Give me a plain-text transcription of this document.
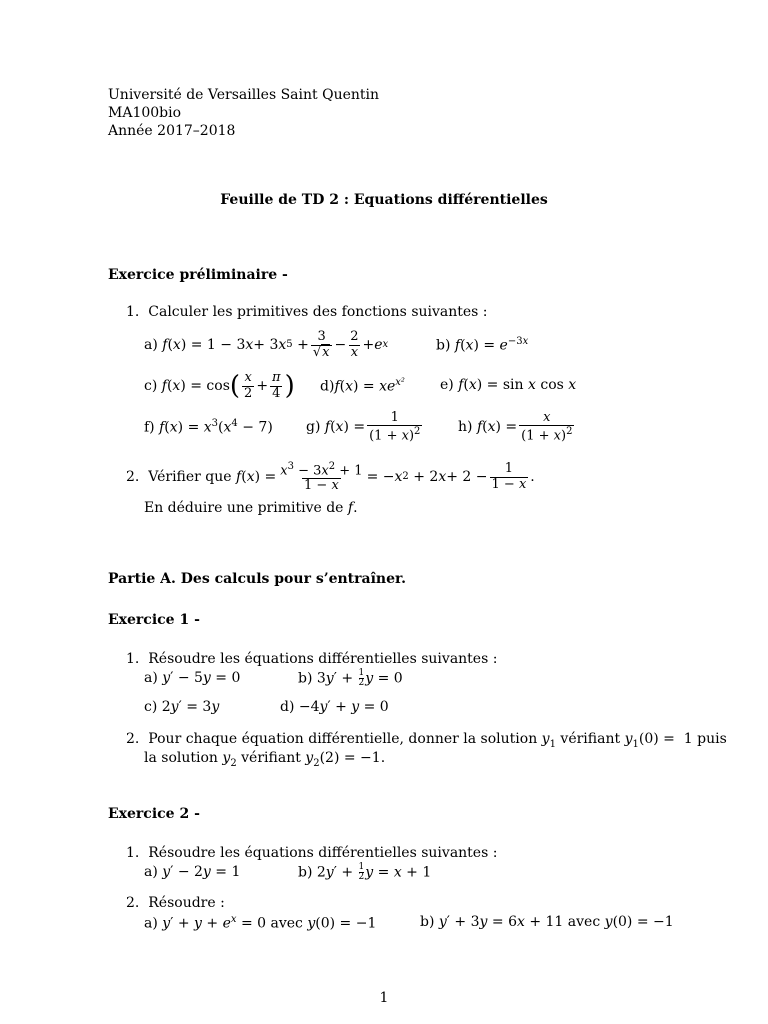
Université de Versailles Saint Quentin
MA100bio
Année 2017–2018
Feuille de TD 2 : Equations différentielles
Exercice préliminaire -
1.  Calculer les primitives des fonctions suivantes :
a) f ( x ) = 1 − 3 x + 3 x $5 + \frac{3}{√x} - \frac{2}{x} + e$ x	b) $f(x) = e^{-3x}$
c) f ( x ) = cos ( $\frac{x}{2} + \frac{\pi}{4}$ ) $d)f(x) = xe^{x^2}$	e) f(x) = sin x cos x
f) $f(x) = x^3(x^4 - 7)$ g) f ( x ) = $\frac{1}{(1 + x)^2}$	h) f ( x ) = $\frac{x}{(1 + x)^2}$
2. Vérifier que
f ( x ) = $\frac{x^3 - 3x^2 + 1}{1 - x}$ = − x 2 + 2 $x + 2 - \frac{1}{1 - x}$ .
En déduire une primitive de f.
Partie A. Des calculs pour s’entraîner.
Exercice 1 -
1.  Résoudre les équations différentielles suivantes :
a) y′ − 5y = 0	b) $3y' + \frac{1}{2}$ y = 0
c) 2y′ = 3y	d) −4y′ + y = 0
2.  Pour chaque équation différentielle, donner la solution $y_1$ vérifiant $y_1(0) = 1$ puis
la solution $y_2$ vérifiant $y_2(2) = -1$.
Exercice 2 -
1.  Résoudre les équations différentielles suivantes :
a) y′ − 2y = 1	b) $2y' + \frac{1}{2}$ y = x + 1
2.  Résoudre :
a) $y' + y + e^x = 0$ avec y(0) = −1	b) y′ + 3y = 6x + 11 avec y(0) = −1
1
